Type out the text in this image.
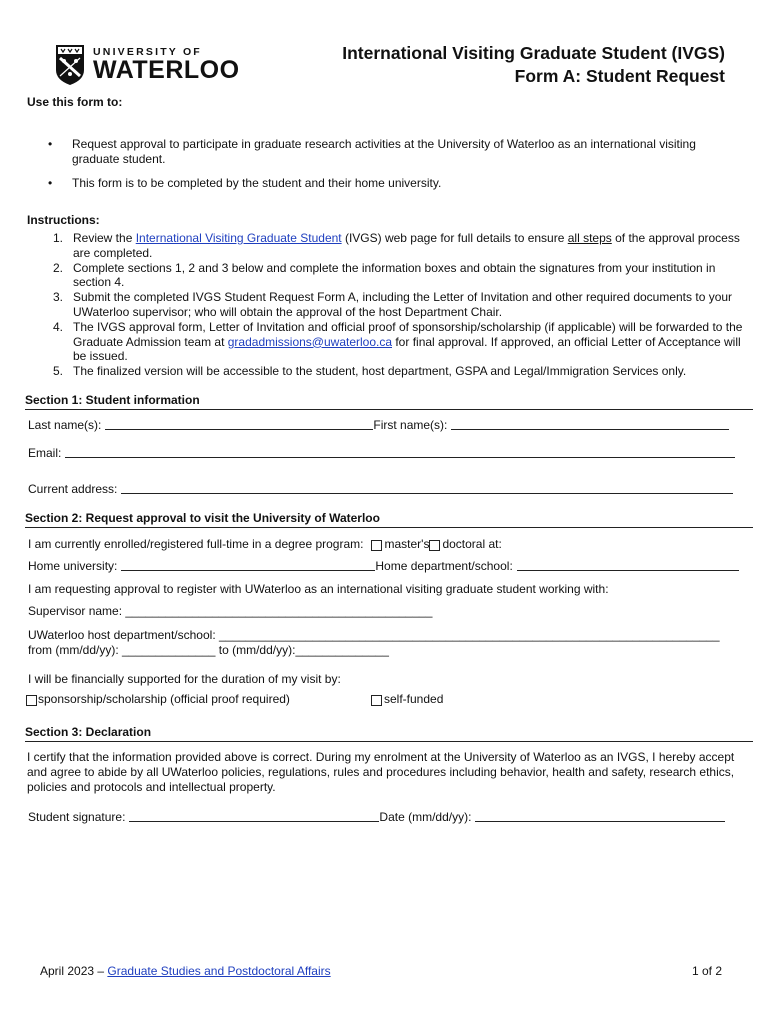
UNIVERSITY OF
WATERLOO
International Visiting Graduate Student (IVGS)
Form A: Student Request
Use this form to:
•	Request approval to participate in graduate research activities at the University of Waterloo as an international visiting graduate student.
•	This form is to be completed by the student and their home university.
Instructions:
1. Review the International Visiting Graduate Student (IVGS) web page for full details to ensure all steps of the approval process are completed.
2. Complete sections 1, 2 and 3 below and complete the information boxes and obtain the signatures from your institution in section 4.
3. Submit the completed IVGS Student Request Form A, including the Letter of Invitation and other required documents to your UWaterloo supervisor; who will obtain the approval of the host Department Chair.
4. The IVGS approval form, Letter of Invitation and official proof of sponsorship/scholarship (if applicable) will be forwarded to the Graduate Admission team at gradadmissions@uwaterloo.ca for final approval. If approved, an official Letter of Acceptance will be issued.
5. The finalized version will be accessible to the student, host department, GSPA and Legal/Immigration Services only.
Section 1: Student information
Last name(s):	First name(s):
Email:
Current address:
Section 2: Request approval to visit the University of Waterloo
I am currently enrolled/registered full-time in a degree program: master's doctoral at:
Home university:	Home department/school:
I am requesting approval to register with UWaterloo as an international visiting graduate student working with:
Supervisor name: ______________________________________________
UWaterloo host department/school: ___________________________________________________________________________
from (mm/dd/yy): ______________ to (mm/dd/yy):______________
I will be financially supported for the duration of my visit by:
sponsorship/scholarship (official proof required)	self-funded
Section 3: Declaration
I certify that the information provided above is correct. During my enrolment at the University of Waterloo as an IVGS, I hereby accept and agree to abide by all UWaterloo policies, regulations, rules and procedures including behavior, health and safety, research ethics, policies and protocols and intellectual property.
Student signature:	Date (mm/dd/yy):
April 2023 – Graduate Studies and Postdoctoral Affairs	1 of 2
